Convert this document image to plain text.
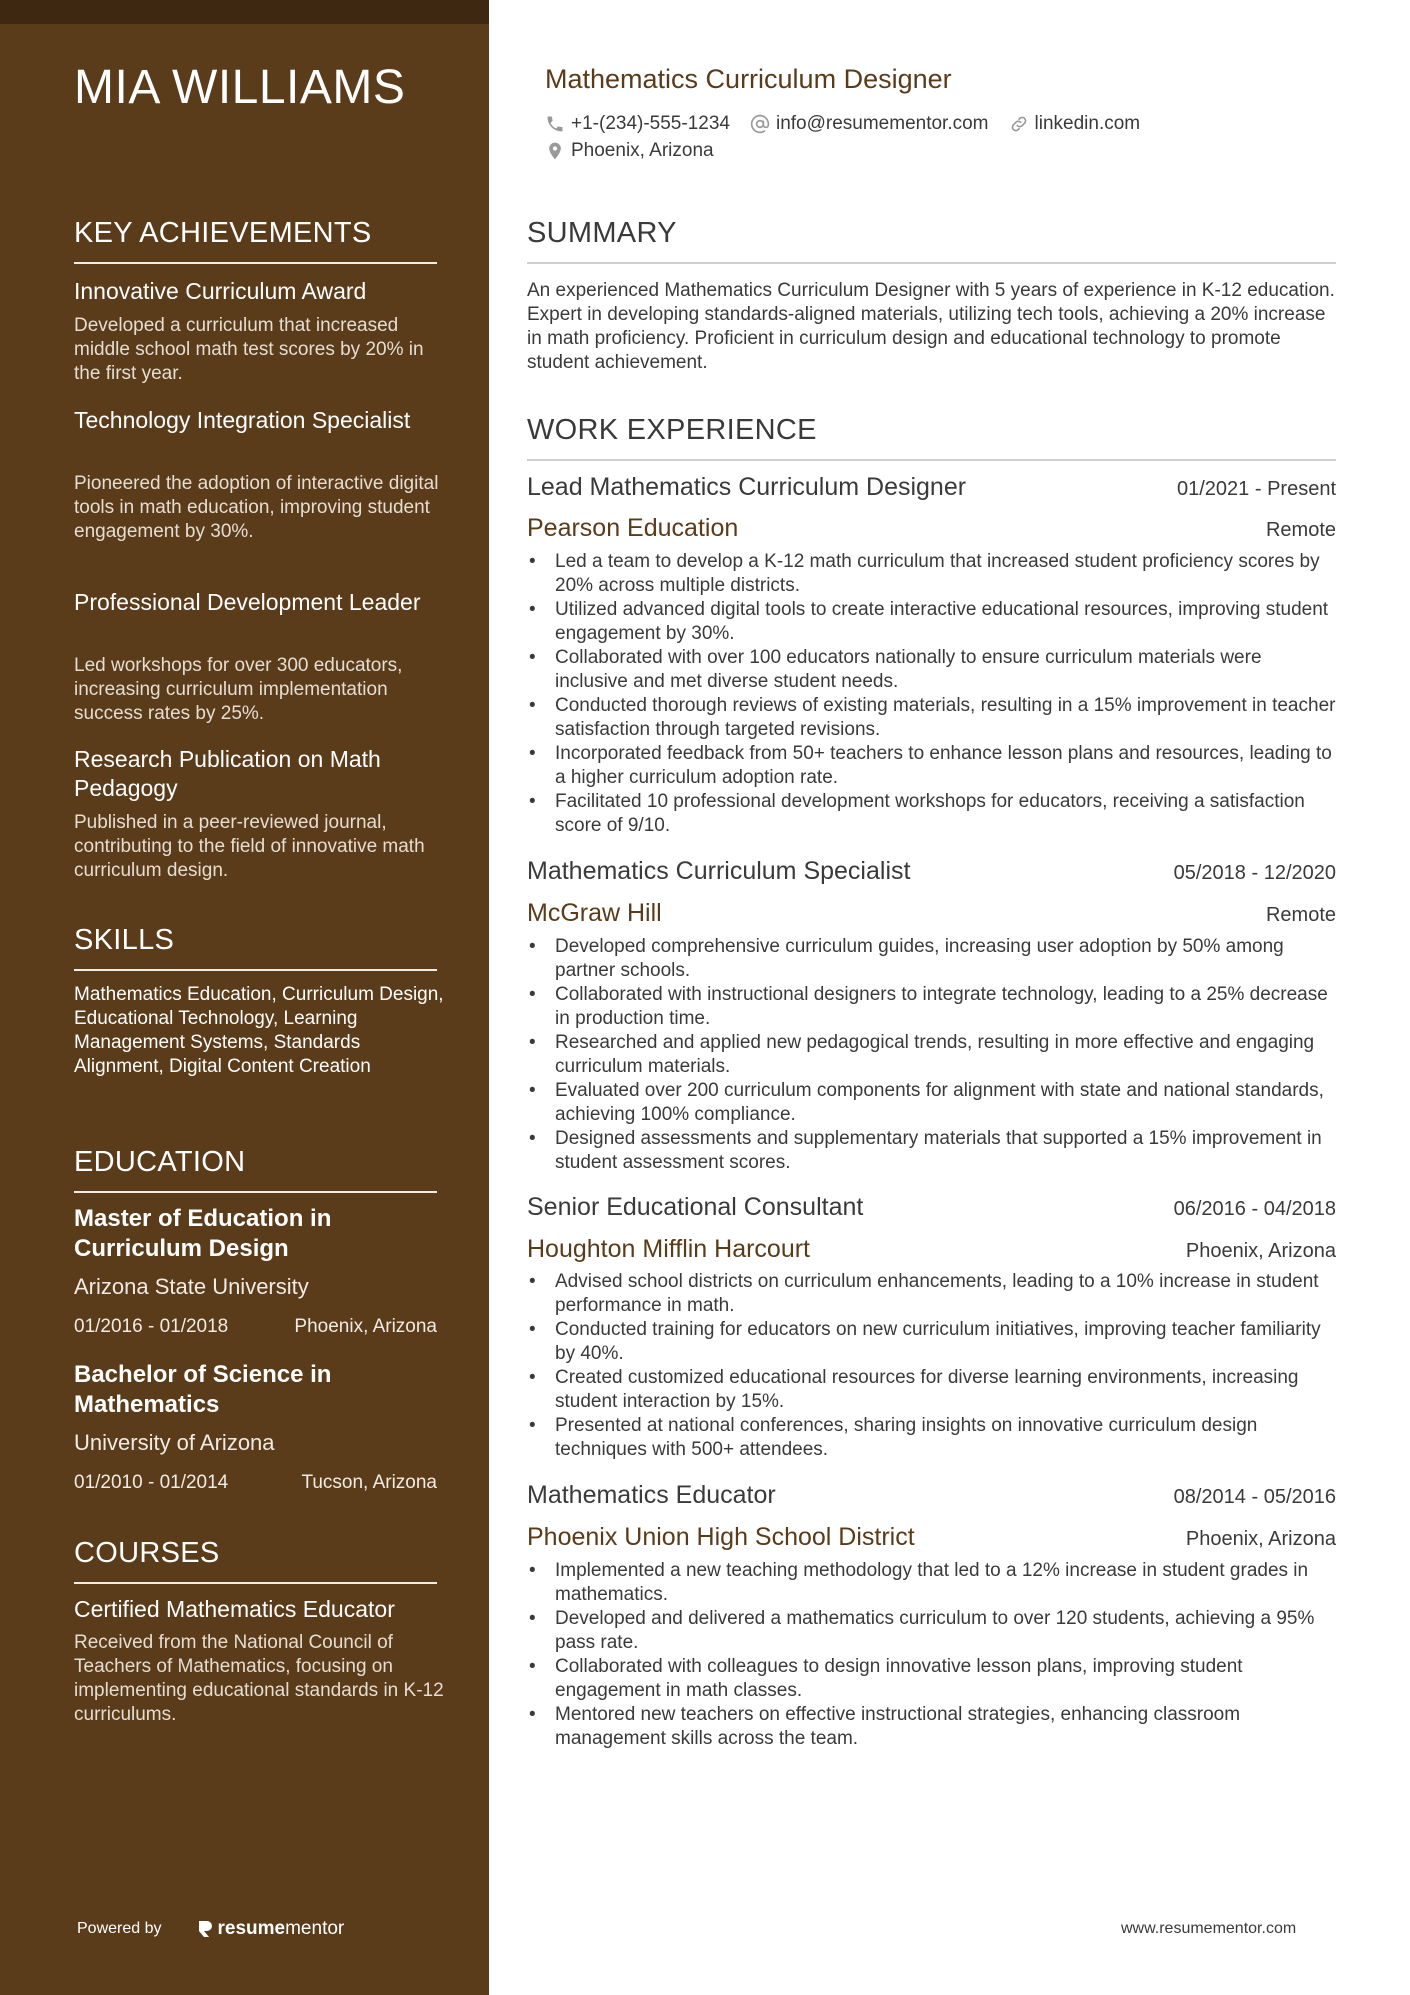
MIA WILLIAMS
KEY ACHIEVEMENTS
Innovative Curriculum Award
Developed a curriculum that increased middle school math test scores by 20% in the first year.
Technology Integration Specialist
Pioneered the adoption of interactive digital tools in math education, improving student engagement by 30%.
Professional Development Leader
Led workshops for over 300 educators, increasing curriculum implementation success rates by 25%.
Research Publication on Math Pedagogy
Published in a peer-reviewed journal, contributing to the field of innovative math curriculum design.
SKILLS
Mathematics Education, Curriculum Design, Educational Technology, Learning Management Systems, Standards Alignment, Digital Content Creation
EDUCATION
Master of Education in Curriculum Design
Arizona State University
01/2016 - 01/2018	Phoenix, Arizona
Bachelor of Science in Mathematics
University of Arizona
01/2010 - 01/2014	Tucson, Arizona
COURSES
Certified Mathematics Educator
Received from the National Council of Teachers of Mathematics, focusing on implementing educational standards in K-12 curriculums.
Powered by	resumementor
Mathematics Curriculum Designer
+1-(234)-555-1234 info@resumementor.com linkedin.com
Phoenix, Arizona
SUMMARY

An experienced Mathematics Curriculum Designer with 5 years of experience in K-12 education. Expert in developing standards-aligned materials, utilizing tech tools, achieving a 20% increase in math proficiency. Proficient in curriculum design and educational technology to promote student achievement.

WORK EXPERIENCE
Lead Mathematics Curriculum Designer	01/2021 - Present
Pearson Education	Remote
• Led a team to develop a K-12 math curriculum that increased student proficiency scores by 20% across multiple districts.
• Utilized advanced digital tools to create interactive educational resources, improving student engagement by 30%.
• Collaborated with over 100 educators nationally to ensure curriculum materials were inclusive and met diverse student needs.
• Conducted thorough reviews of existing materials, resulting in a 15% improvement in teacher satisfaction through targeted revisions.
• Incorporated feedback from 50+ teachers to enhance lesson plans and resources, leading to a higher curriculum adoption rate.
• Facilitated 10 professional development workshops for educators, receiving a satisfaction score of 9/10.
Mathematics Curriculum Specialist	05/2018 - 12/2020
McGraw Hill	Remote
• Developed comprehensive curriculum guides, increasing user adoption by 50% among partner schools.
• Collaborated with instructional designers to integrate technology, leading to a 25% decrease in production time.
• Researched and applied new pedagogical trends, resulting in more effective and engaging curriculum materials.
• Evaluated over 200 curriculum components for alignment with state and national standards, achieving 100% compliance.
• Designed assessments and supplementary materials that supported a 15% improvement in student assessment scores.
Senior Educational Consultant	06/2016 - 04/2018
Houghton Mifflin Harcourt	Phoenix, Arizona
• Advised school districts on curriculum enhancements, leading to a 10% increase in student performance in math.
• Conducted training for educators on new curriculum initiatives, improving teacher familiarity by 40%.
• Created customized educational resources for diverse learning environments, increasing student interaction by 15%.
• Presented at national conferences, sharing insights on innovative curriculum design techniques with 500+ attendees.
Mathematics Educator	08/2014 - 05/2016
Phoenix Union High School District	Phoenix, Arizona
• Implemented a new teaching methodology that led to a 12% increase in student grades in mathematics.
• Developed and delivered a mathematics curriculum to over 120 students, achieving a 95% pass rate.
• Collaborated with colleagues to design innovative lesson plans, improving student engagement in math classes.
• Mentored new teachers on effective instructional strategies, enhancing classroom management skills across the team.
www.resumementor.com
